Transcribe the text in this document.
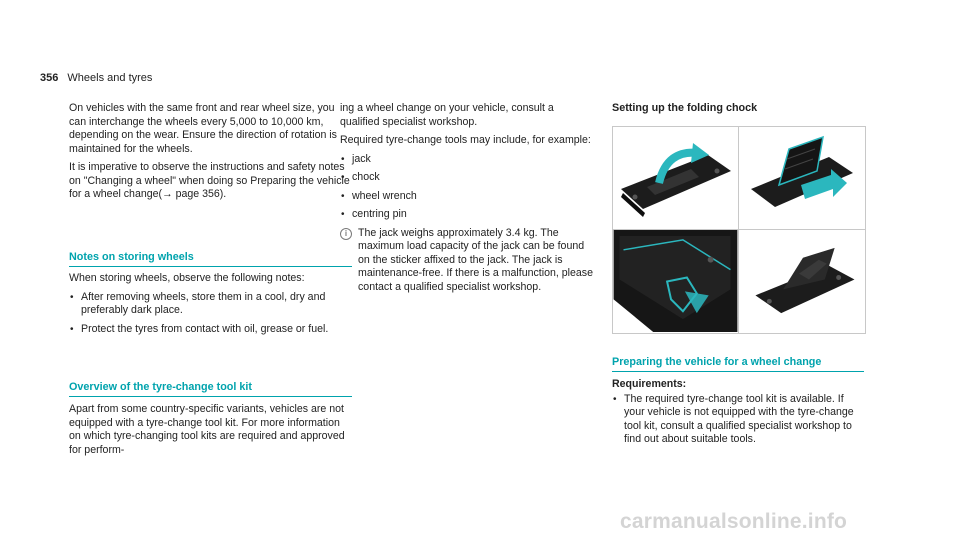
356 Wheels and tyres

On vehicles with the same front and rear wheel size, you can interchange the wheels every 5,000 to 10,000 km, depending on the wear. Ensure the direction of rotation is maintained for the wheels.

It is imperative to observe the instructions and safety notes on "Changing a wheel" when doing so Preparing the vehicle for a wheel change(→ page 356).

Notes on storing wheels

When storing wheels, observe the following notes:

• After removing wheels, store them in a cool, dry and preferably dark place.

• Protect the tyres from contact with oil, grease or fuel.

Overview of the tyre-change tool kit

Apart from some country-specific variants, vehicles are not equipped with a tyre-change tool kit. For more information on which tyre-changing tool kits are required and approved for perform-

ing a wheel change on your vehicle, consult a qualified specialist workshop.

Required tyre-change tools may include, for example:

• jack

• chock

• wheel wrench

• centring pin

i	The jack weighs approximately 3.4 kg. The maximum load capacity of the jack can be found on the sticker affixed to the jack. The jack is maintenance-free. If there is a malfunction, please contact a qualified specialist workshop.
Setting up the folding chock
Preparing the vehicle for a wheel change

Requirements:

• The required tyre-change tool kit is available. If your vehicle is not equipped with the tyre-change tool kit, consult a qualified specialist workshop to find out about suitable tools.

carmanualsonline.info
